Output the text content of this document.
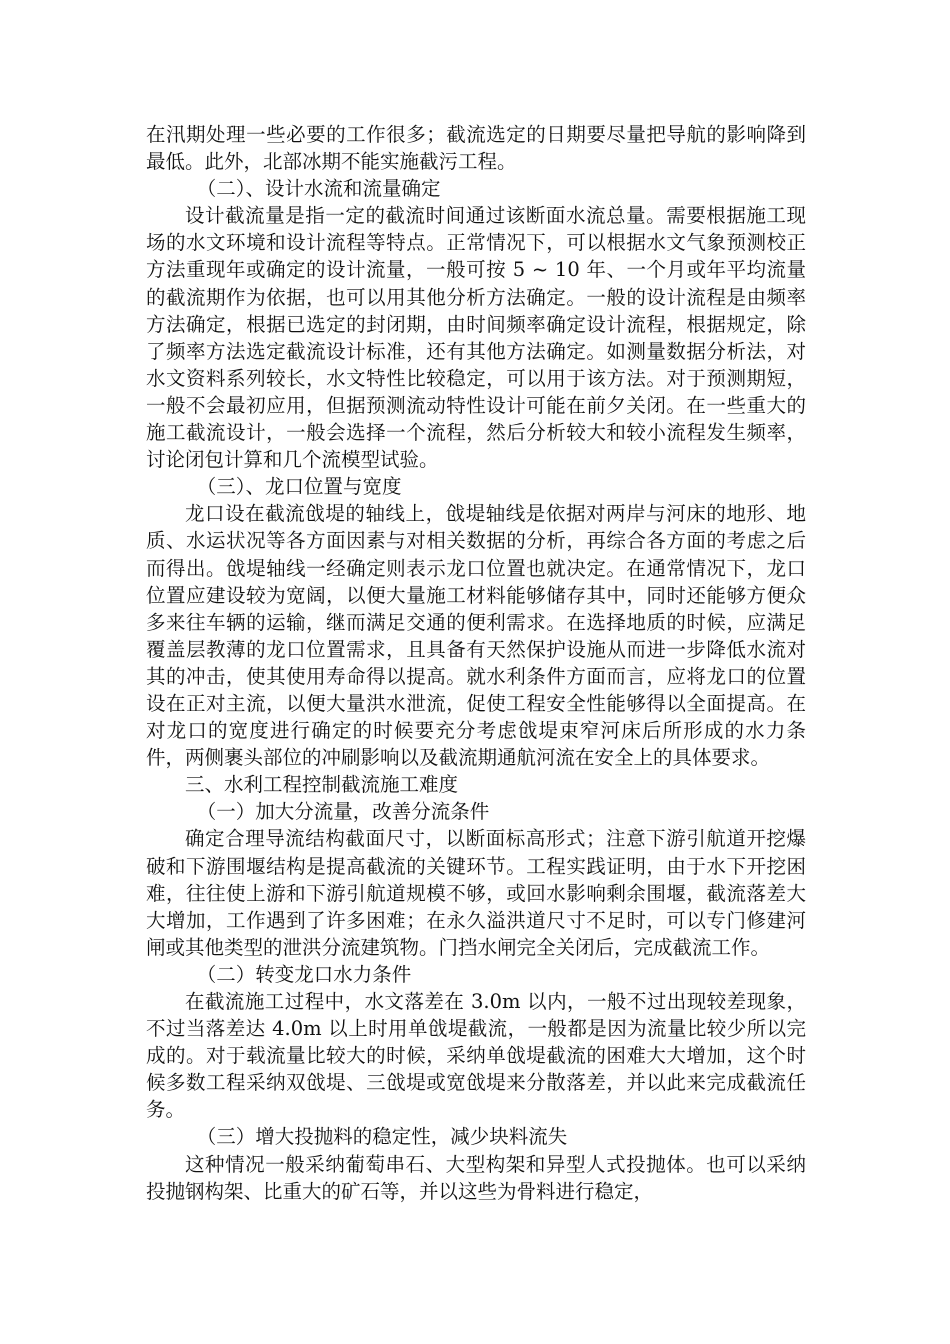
在汛期处理一些必要的工作很多；截流选定的日期要尽量把导航的影响降到最低。此外，北部冰期不能实施截污工程。

（二）、设计水流和流量确定

设计截流量是指一定的截流时间通过该断面水流总量。需要根据施工现场的水文环境和设计流程等特点。正常情况下，可以根据水文气象预测校正方法重现年或确定的设计流量，一般可按 5 ~ 10 年、一个月或年平均流量的截流期作为依据，也可以用其他分析方法确定。一般的设计流程是由频率方法确定，根据已选定的封闭期，由时间频率确定设计流程，根据规定，除了频率方法选定截流设计标准，还有其他方法确定。如测量数据分析法，对水文资料系列较长，水文特性比较稳定，可以用于该方法。对于预测期短，一般不会最初应用，但据预测流动特性设计可能在前夕关闭。在一些重大的施工截流设计，一般会选择一个流程，然后分析较大和较小流程发生频率，讨论闭包计算和几个流模型试验。

（三）、龙口位置与宽度

龙口设在截流戗堤的轴线上，戗堤轴线是依据对两岸与河床的地形、地质、水运状况等各方面因素与对相关数据的分析，再综合各方面的考虑之后而得出。戗堤轴线一经确定则表示龙口位置也就决定。在通常情况下，龙口位置应建设较为宽阔，以便大量施工材料能够储存其中，同时还能够方便众多来往车辆的运输，继而满足交通的便利需求。在选择地质的时候，应满足覆盖层教薄的龙口位置需求，且具备有天然保护设施从而进一步降低水流对其的冲击，使其使用寿命得以提高。就水利条件方面而言，应将龙口的位置设在正对主流，以便大量洪水泄流，促使工程安全性能够得以全面提高。在对龙口的宽度进行确定的时候要充分考虑戗堤束窄河床后所形成的水力条件，两侧裹头部位的冲刷影响以及截流期通航河流在安全上的具体要求。

三、水利工程控制截流施工难度

（一）加大分流量，改善分流条件

确定合理导流结构截面尺寸，以断面标高形式；注意下游引航道开挖爆破和下游围堰结构是提高截流的关键环节。工程实践证明，由于水下开挖困难，往往使上游和下游引航道规模不够，或回水影响剩余围堰，截流落差大大增加，工作遇到了许多困难；在永久溢洪道尺寸不足时，可以专门修建河闸或其他类型的泄洪分流建筑物。门挡水闸完全关闭后，完成截流工作。

（二）转变龙口水力条件

在截流施工过程中，水文落差在 3.0m 以内，一般不过出现较差现象，不过当落差达 4.0m 以上时用单戗堤截流，一般都是因为流量比较少所以完成的。对于载流量比较大的时候，采纳单戗堤截流的困难大大增加，这个时候多数工程采纳双戗堤、三戗堤或宽戗堤来分散落差，并以此来完成截流任务。

（三）增大投抛料的稳定性，减少块料流失

这种情况一般采纳葡萄串石、大型构架和异型人式投抛体。也可以采纳投抛钢构架、比重大的矿石等，并以这些为骨料进行稳定，
